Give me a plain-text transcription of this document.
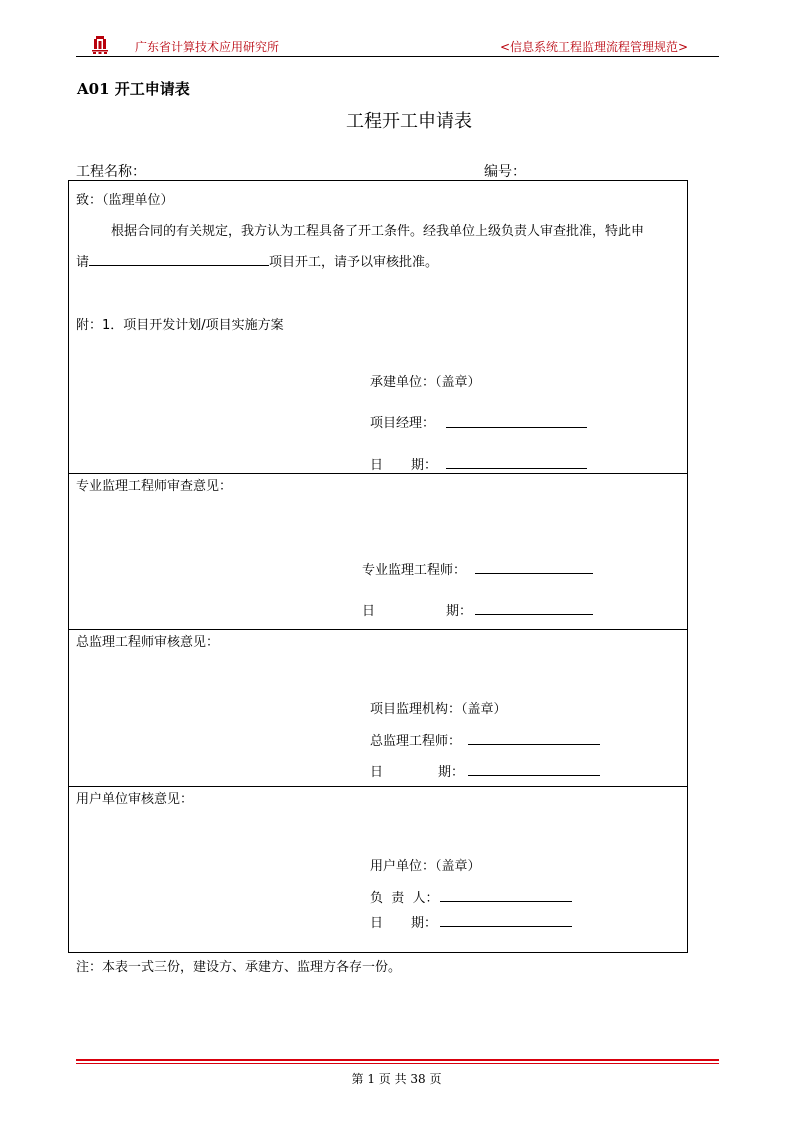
广东省计算技术应用研究所	<信息系统工程监理流程管理规范>
A01 开工申请表
工程开工申请表
工程名称：	编号：
致：（监理单位）
根据合同的有关规定，我方认为工程具备了开工条件。经我单位上级负责人审查批准，特此申
请	项目开工，请予以审核批准。
附：1．项目开发计划/项目实施方案
承建单位：（盖章）
项目经理：
日 期：
专业监理工程师审查意见：
专业监理工程师：
日	期：
总监理工程师审核意见：
项目监理机构：（盖章）
总监理工程师：
日	期：
用户单位审核意见：
用户单位：（盖章）
负  责  人：
日 期：
注：本表一式三份，建设方、承建方、监理方各存一份。
第 1 页 共 38 页
